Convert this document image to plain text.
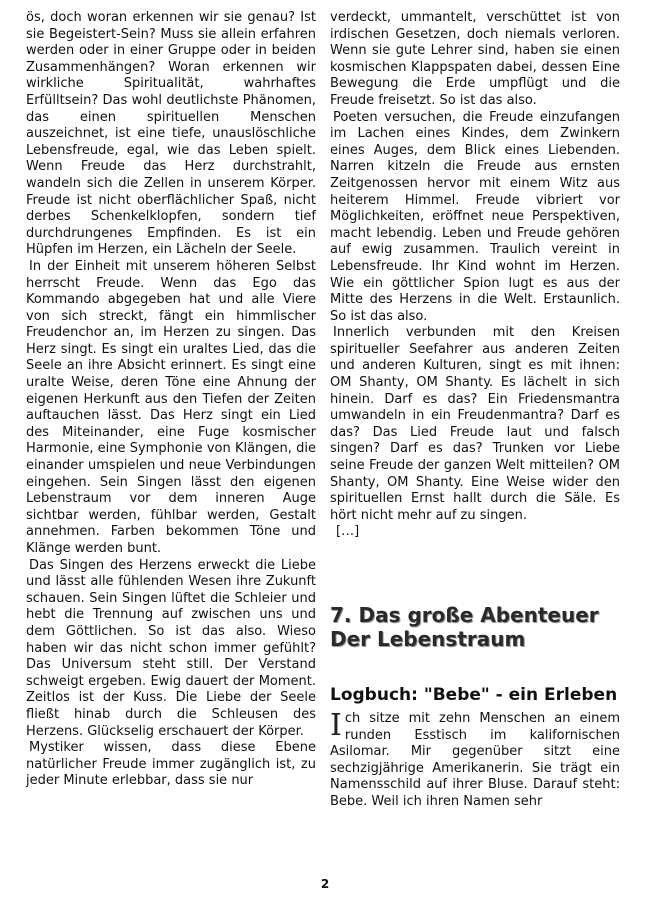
ös, doch woran erkennen wir sie genau? Ist sie Begeistert-Sein? Muss sie allein erfahren werden oder in einer Gruppe oder in beiden Zusammenhängen? Woran erkennen wir wirkliche Spiritualität, wahrhaftes Erfülltsein? Das wohl deutlichste Phänomen, das einen spirituellen Menschen auszeichnet, ist eine tiefe, unauslöschliche Lebensfreude, egal, wie das Leben spielt. Wenn Freude das Herz durchstrahlt, wandeln sich die Zellen in unserem Körper. Freude ist nicht oberflächlicher Spaß, nicht derbes Schenkelklopfen, sondern tief durchdrungenes Empfinden. Es ist ein Hüpfen im Herzen, ein Lächeln der Seele.

In der Einheit mit unserem höheren Selbst herrscht Freude. Wenn das Ego das Kommando abgegeben hat und alle Viere von sich streckt, fängt ein himmlischer Freudenchor an, im Herzen zu singen. Das Herz singt. Es singt ein uraltes Lied, das die Seele an ihre Absicht erinnert. Es singt eine uralte Weise, deren Töne eine Ahnung der eigenen Herkunft aus den Tiefen der Zeiten auftauchen lässt. Das Herz singt ein Lied des Miteinander, eine Fuge kosmischer Harmonie, eine Symphonie von Klängen, die einander umspielen und neue Verbindungen eingehen. Sein Singen lässt den eigenen Lebenstraum vor dem inneren Auge sichtbar werden, fühlbar werden, Gestalt annehmen. Farben bekommen Töne und Klänge werden bunt.

Das Singen des Herzens erweckt die Liebe und lässt alle fühlenden Wesen ihre Zukunft schauen. Sein Singen lüftet die Schleier und hebt die Trennung auf zwischen uns und dem Göttlichen. So ist das also. Wieso haben wir das nicht schon immer gefühlt? Das Universum steht still. Der Verstand schweigt ergeben. Ewig dauert der Moment. Zeitlos ist der Kuss. Die Liebe der Seele fließt hinab durch die Schleusen des Herzens. Glückselig erschauert der Körper.

Mystiker wissen, dass diese Ebene natürlicher Freude immer zugänglich ist, zu jeder Minute erlebbar, dass sie nur

verdeckt, ummantelt, verschüttet ist von irdischen Gesetzen, doch niemals verloren. Wenn sie gute Lehrer sind, haben sie einen kosmischen Klappspaten dabei, dessen Eine Bewegung die Erde umpflügt und die Freude freisetzt. So ist das also.

Poeten versuchen, die Freude einzufangen im Lachen eines Kindes, dem Zwinkern eines Auges, dem Blick eines Liebenden. Narren kitzeln die Freude aus ernsten Zeitgenossen hervor mit einem Witz aus heiterem Himmel. Freude vibriert vor Möglichkeiten, eröffnet neue Perspektiven, macht lebendig. Leben und Freude gehören auf ewig zusammen. Traulich vereint in Lebensfreude. Ihr Kind wohnt im Herzen. Wie ein göttlicher Spion lugt es aus der Mitte des Herzens in die Welt. Erstaunlich. So ist das also.

Innerlich verbunden mit den Kreisen spiritueller Seefahrer aus anderen Zeiten und anderen Kulturen, singt es mit ihnen: OM Shanty, OM Shanty. Es lächelt in sich hinein. Darf es das? Ein Friedensmantra umwandeln in ein Freudenmantra? Darf es das? Das Lied Freude laut und falsch singen? Darf es das? Trunken vor Liebe seine Freude der ganzen Welt mitteilen? OM Shanty, OM Shanty. Eine Weise wider den spirituellen Ernst hallt durch die Säle. Es hört nicht mehr auf zu singen.

[…]

7. Das große Abenteuer
Der Lebenstraum
Logbuch: "Bebe" - ein Erleben

Ich sitze mit zehn Menschen an einem runden Esstisch im kalifornischen Asilomar. Mir gegenüber sitzt eine sechzigjährige Amerikanerin. Sie trägt ein Namensschild auf ihrer Bluse. Darauf steht: Bebe. Weil ich ihren Namen sehr

2
